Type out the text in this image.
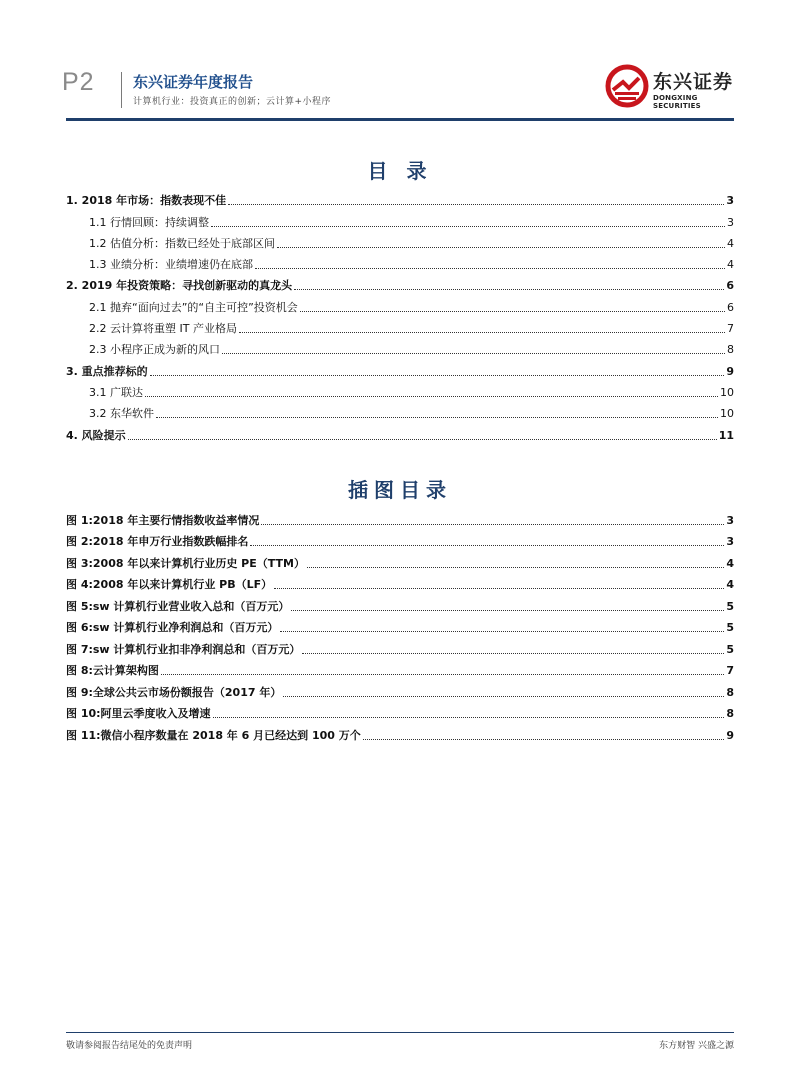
P2	东兴证券年度报告
计算机行业：投资真正的创新；云计算+小程序
东兴证券
DONGXING SECURITIES
目 录
1. 2018 年市场：指数表现不佳	3
1.1 行情回顾：持续调整	3
1.2 估值分析：指数已经处于底部区间	4
1.3 业绩分析：业绩增速仍在底部	4
2. 2019 年投资策略：寻找创新驱动的真龙头	6
2.1 抛弃“面向过去”的“自主可控”投资机会	6
2.2 云计算将重塑 IT 产业格局	7
2.3 小程序正成为新的风口	8
3. 重点推荐标的	9
3.1 广联达	10
3.2 东华软件	10
4. 风险提示	11
插图目录
图 1:2018 年主要行情指数收益率情况	3
图 2:2018 年申万行业指数跌幅排名	3
图 3:2008 年以来计算机行业历史 PE（TTM）	4
图 4:2008 年以来计算机行业 PB（LF）	4
图 5:sw 计算机行业营业收入总和（百万元）	5
图 6:sw 计算机行业净利润总和（百万元）	5
图 7:sw 计算机行业扣非净利润总和（百万元）	5
图 8:云计算架构图	7
图 9:全球公共云市场份额报告（2017 年）	8
图 10:阿里云季度收入及增速	8
图 11:微信小程序数量在 2018 年 6 月已经达到 100 万个	9
敬请参阅报告结尾处的免责声明	东方财智 兴盛之源
